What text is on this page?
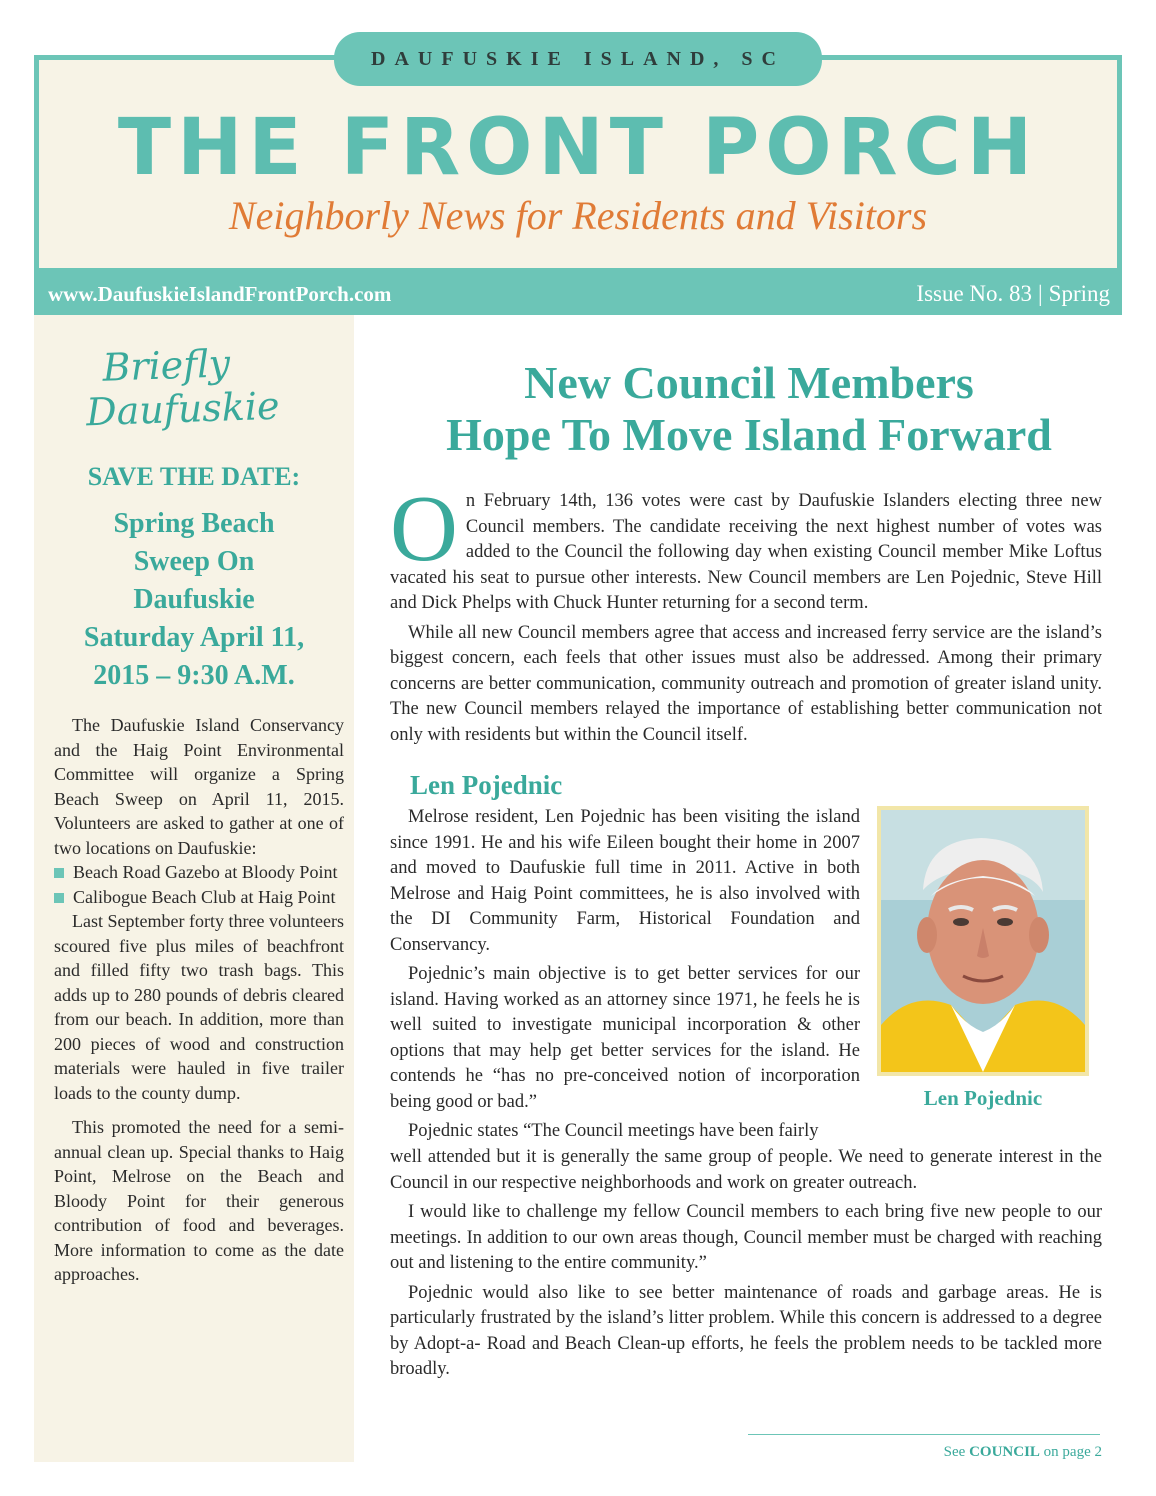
DAUFUSKIE ISLAND, SC
THE FRONT PORCH
Neighborly News for Residents and Visitors
www.DaufuskieIslandFrontPorch.com	Issue No. 83 | Spring
Briefly
Daufuskie
SAVE THE DATE:
Spring Beach
Sweep On
Daufuskie
Saturday April 11,
2015 – 9:30 A.M.

The Daufuskie Island Conservancy and the Haig Point Environmental Committee will organize a Spring Beach Sweep on April 11, 2015. Volunteers are asked to gather at one of two locations on Daufuskie:

Beach Road Gazebo at Bloody Point
Calibogue Beach Club at Haig Point

Last September forty three volunteers scoured five plus miles of beachfront and filled fifty two trash bags. This adds up to 280 pounds of debris cleared from our beach. In addition, more than 200 pieces of wood and construction materials were hauled in five trailer loads to the county dump.

This promoted the need for a semi-annual clean up. Special thanks to Haig Point, Melrose on the Beach and Bloody Point for their generous contribution of food and beverages. More information to come as the date approaches.

New Council Members
Hope To Move Island Forward

On February 14th, 136 votes were cast by Daufuskie Islanders electing three new Council members. The candidate receiving the next highest number of votes was added to the Council the following day when existing Council member Mike Loftus vacated his seat to pursue other interests. New Council members are Len Pojednic, Steve Hill and Dick Phelps with Chuck Hunter returning for a second term.

While all new Council members agree that access and increased ferry service are the island’s biggest concern, each feels that other issues must also be addressed. Among their primary concerns are better communication, community outreach and promotion of greater island unity. The new Council members relayed the importance of establishing better communication not only with residents but within the Council itself.

Len Pojednic

Melrose resident, Len Pojednic has been visiting the island since 1991. He and his wife Eileen bought their home in 2007 and moved to Daufuskie full time in 2011. Active in both Melrose and Haig Point committees, he is also involved with the DI Community Farm, Historical Foundation and Conservancy.

Pojednic’s main objective is to get better services for our island. Having worked as an attorney since 1971, he feels he is well suited to investigate municipal incorporation & other options that may help get better services for the island. He contends he “has no pre-conceived notion of incorporation being good or bad.”

Pojednic states “The Council meetings have been fairly

Len Pojednic

well attended but it is generally the same group of people. We need to generate interest in the Council in our respective neighborhoods and work on greater outreach.

I would like to challenge my fellow Council members to each bring five new people to our meetings. In addition to our own areas though, Council member must be charged with reaching out and listening to the entire community.”

Pojednic would also like to see better maintenance of roads and garbage areas. He is particularly frustrated by the island’s litter problem. While this concern is addressed to a degree by Adopt-a- Road and Beach Clean-up efforts, he feels the problem needs to be tackled more broadly.

See COUNCIL on page 2
